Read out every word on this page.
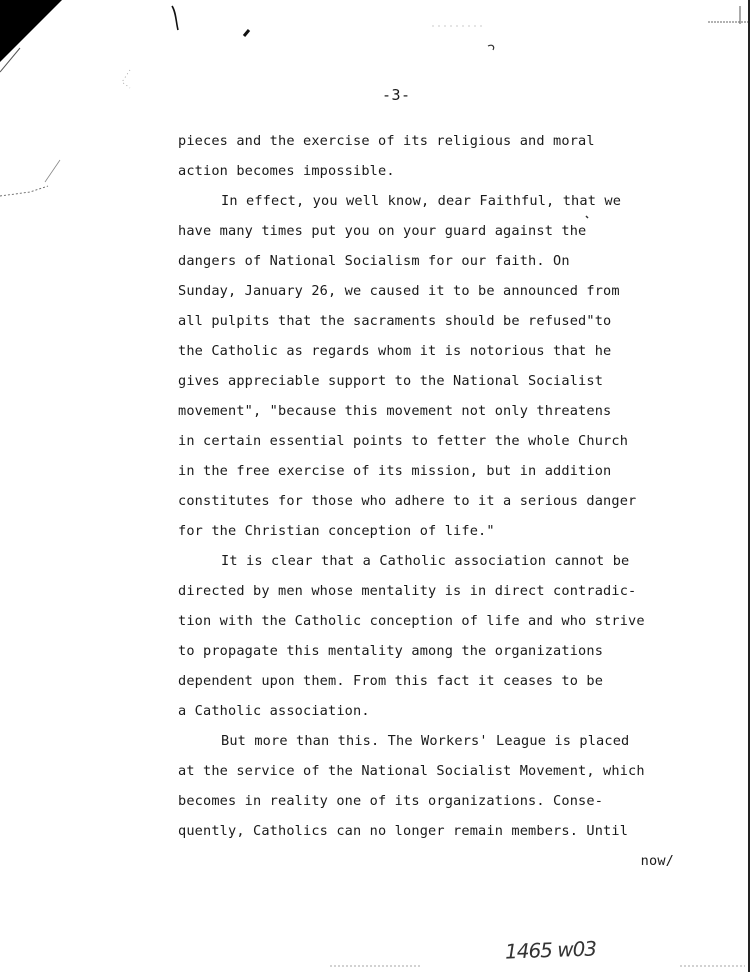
-3-
pieces and the exercise of its religious and moral
action becomes impossible.
In effect, you well know, dear Faithful, that we
have many times put you on your guard against the
dangers of National Socialism for our faith. On
Sunday, January 26, we caused it to be announced from
all pulpits that the sacraments should be refused"to
the Catholic as regards whom it is notorious that he
gives appreciable support to the National Socialist
movement", "because this movement not only threatens
in certain essential points to fetter the whole Church
in the free exercise of its mission, but in addition
constitutes for those who adhere to it a serious danger
for the Christian conception of life."
It is clear that a Catholic association cannot be
directed by men whose mentality is in direct contradic-
tion with the Catholic conception of life and who strive
to propagate this mentality among the organizations
dependent upon them. From this fact it ceases to be
a Catholic association.
But more than this. The Workers' League is placed
at the service of the National Socialist Movement, which
becomes in reality one of its organizations. Conse-
quently, Catholics can no longer remain members. Until
now/
1465 w03
